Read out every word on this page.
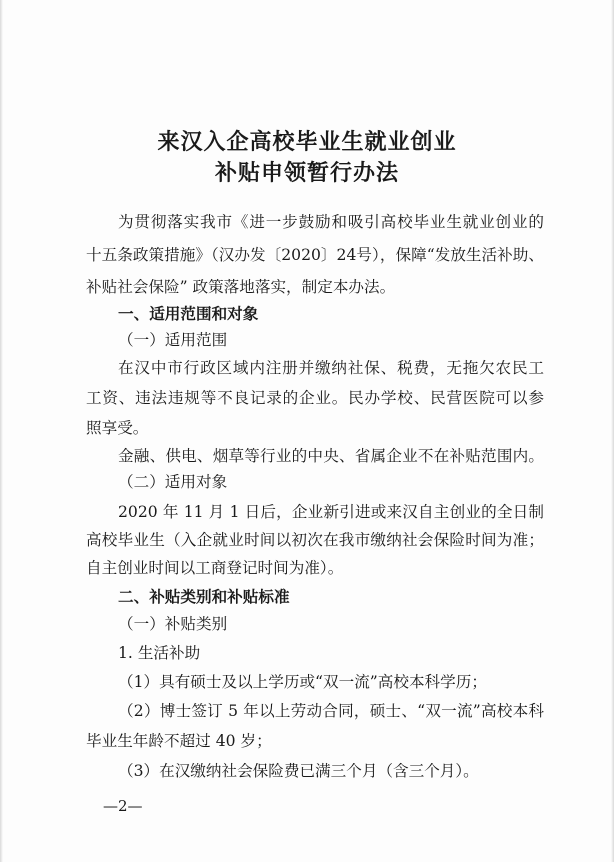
来汉入企高校毕业生就业创业
补贴申领暂行办法
为贯彻落实我市《进一步鼓励和吸引高校毕业生就业创业的
十五条政策措施》（汉办发〔2020〕24号），保障“发放生活补助、
补贴社会保险” 政策落地落实，制定本办法。
一、适用范围和对象
（一）适用范围
在汉中市行政区域内注册并缴纳社保、税费，无拖欠农民工
工资、违法违规等不良记录的企业。民办学校、民营医院可以参
照享受。
金融、供电、烟草等行业的中央、省属企业不在补贴范围内。
（二）适用对象
2020 年 11 月 1 日后，企业新引进或来汉自主创业的全日制
高校毕业生（入企就业时间以初次在我市缴纳社会保险时间为准；
自主创业时间以工商登记时间为准）。
二、补贴类别和补贴标准
（一）补贴类别
1. 生活补助
（1）具有硕士及以上学历或“双一流”高校本科学历；
（2）博士签订 5 年以上劳动合同，硕士、“双一流”高校本科
毕业生年龄不超过 40 岁；
（3）在汉缴纳社会保险费已满三个月（含三个月）。
—2—
